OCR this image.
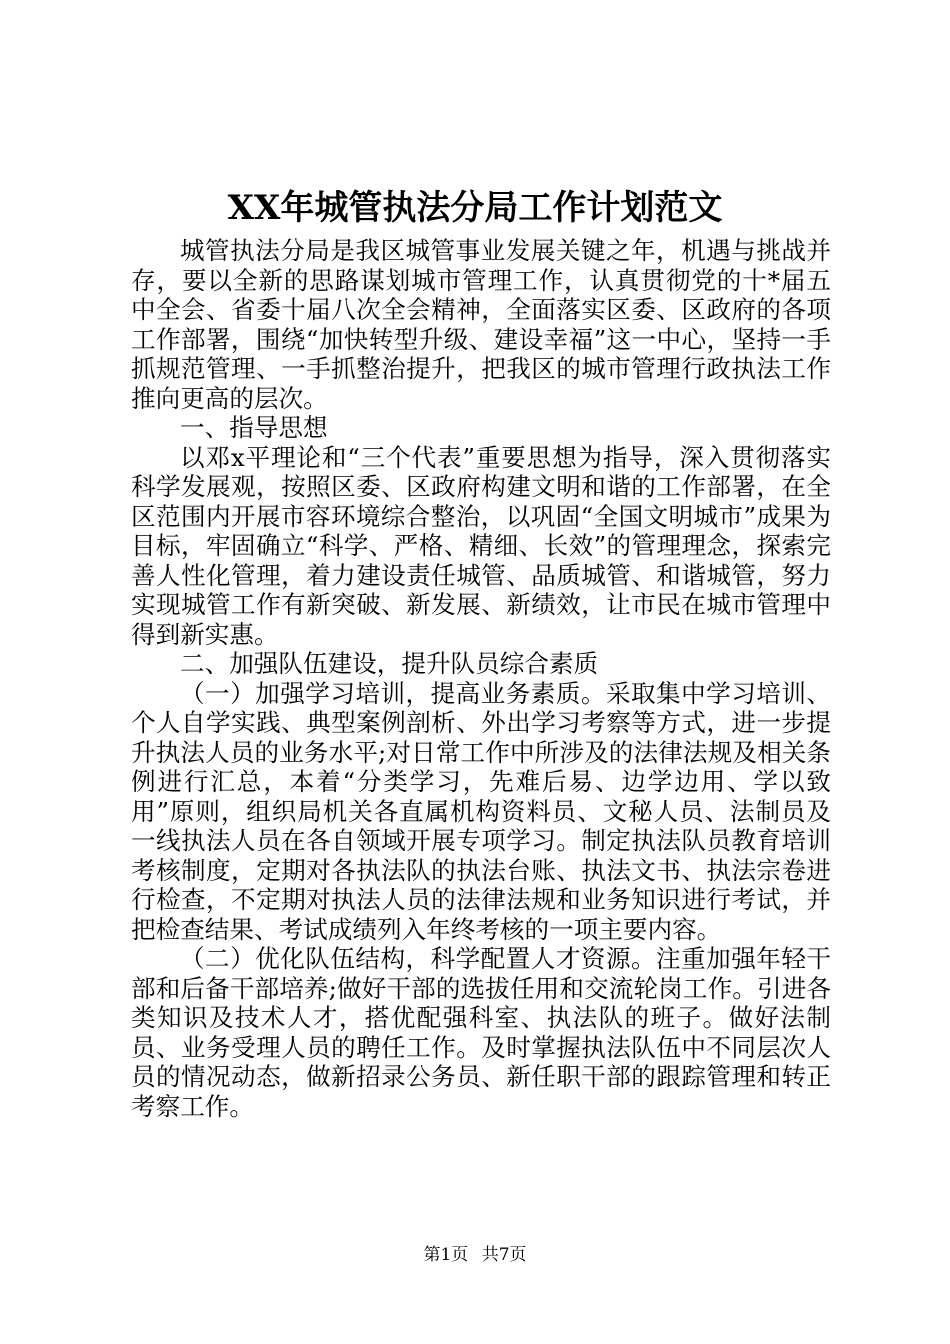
XX年城管执法分局工作计划范文

城管执法分局是我区城管事业发展关键之年，机遇与挑战并存，要以全新的思路谋划城市管理工作，认真贯彻党的十*届五中全会、省委十届八次全会精神，全面落实区委、区政府的各项工作部署，围绕“加快转型升级、建设幸福”这一中心，坚持一手抓规范管理、一手抓整治提升，把我区的城市管理行政执法工作推向更高的层次。

一、指导思想

以邓x平理论和“三个代表”重要思想为指导，深入贯彻落实科学发展观，按照区委、区政府构建文明和谐的工作部署，在全区范围内开展市容环境综合整治，以巩固“全国文明城市”成果为目标，牢固确立“科学、严格、精细、长效”的管理理念，探索完善人性化管理，着力建设责任城管、品质城管、和谐城管，努力实现城管工作有新突破、新发展、新绩效，让市民在城市管理中得到新实惠。

二、加强队伍建设，提升队员综合素质

（一）加强学习培训，提高业务素质。采取集中学习培训、个人自学实践、典型案例剖析、外出学习考察等方式，进一步提升执法人员的业务水平;对日常工作中所涉及的法律法规及相关条例进行汇总，本着“分类学习，先难后易、边学边用、学以致用”原则，组织局机关各直属机构资料员、文秘人员、法制员及一线执法人员在各自领域开展专项学习。制定执法队员教育培训考核制度，定期对各执法队的执法台账、执法文书、执法宗卷进行检查，不定期对执法人员的法律法规和业务知识进行考试，并把检查结果、考试成绩列入年终考核的一项主要内容。

（二）优化队伍结构，科学配置人才资源。注重加强年轻干部和后备干部培养;做好干部的选拔任用和交流轮岗工作。引进各类知识及技术人才，搭优配强科室、执法队的班子。做好法制员、业务受理人员的聘任工作。及时掌握执法队伍中不同层次人员的情况动态，做新招录公务员、新任职干部的跟踪管理和转正考察工作。

第1页 共7页
